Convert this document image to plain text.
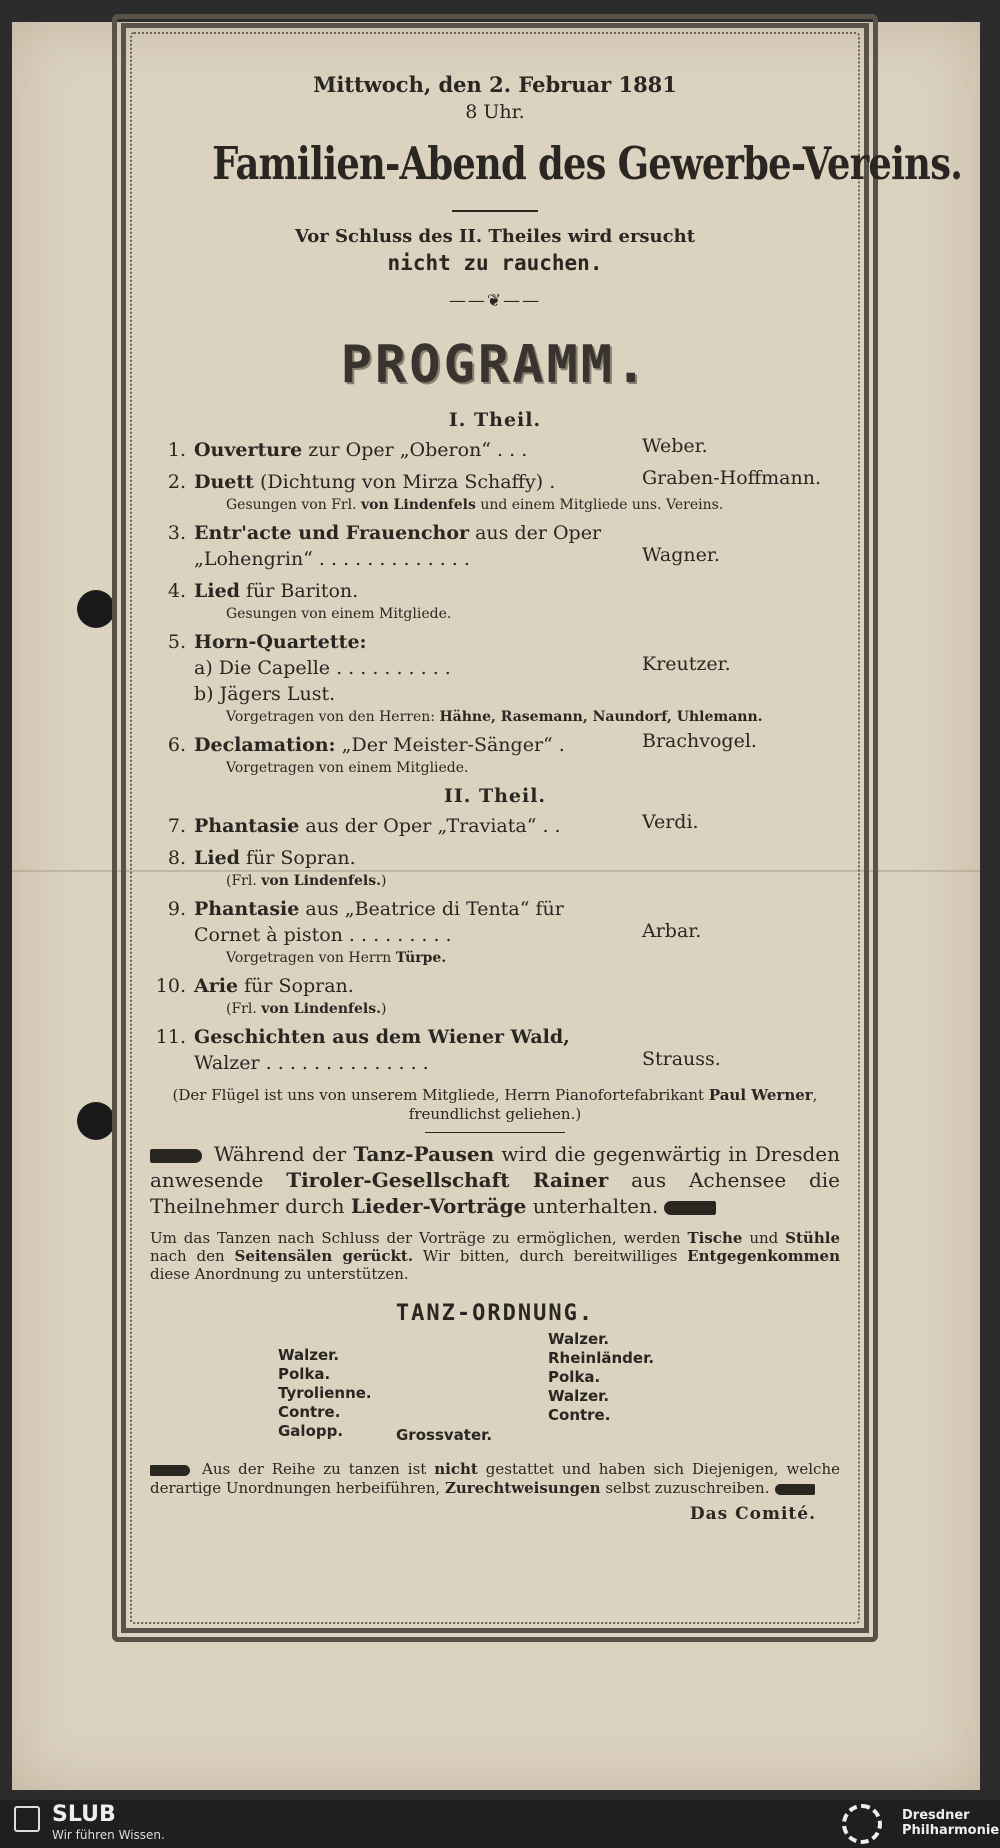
Mittwoch, den 2. Februar 1881
8 Uhr.
Familien-Abend des Gewerbe-Vereins.
Vor Schluss des II. Theiles wird ersucht
nicht zu rauchen.
——❦——
PROGRAMM.
I. Theil.
1. Ouverture zur Oper „Oberon“ . . .	Weber.
2. Duett (Dichtung von Mirza Schaffy) .	Graben-Hoffmann.
Gesungen von Frl. von Lindenfels und einem Mitgliede uns. Vereins.
3. Entr'acte und Frauenchor aus der Oper
„Lohengrin“ . . . . . . . . . . . . .	Wagner.
4. Lied für Bariton.
Gesungen von einem Mitgliede.
5. Horn-Quartette:
a) Die Capelle . . . . . . . . . .	Kreutzer.
b) Jägers Lust.
Vorgetragen von den Herren: Hähne, Rasemann, Naundorf, Uhlemann.
6. Declamation: „Der Meister-Sänger“ .	Brachvogel.
Vorgetragen von einem Mitgliede.
II. Theil.
7. Phantasie aus der Oper „Traviata“ . .	Verdi.
8. Lied für Sopran.
(Frl. von Lindenfels.)
9. Phantasie aus „Beatrice di Tenta“ für
Cornet à piston . . . . . . . . .	Arbar.
Vorgetragen von Herrn Türpe.
10. Arie für Sopran.
(Frl. von Lindenfels.)
11. Geschichten aus dem Wiener Wald,
Walzer . . . . . . . . . . . . . .	Strauss.
(Der Flügel ist uns von unserem Mitgliede, Herrn Pianofortefabrikant Paul Werner, freundlichst geliehen.)
Während der Tanz-Pausen wird die gegenwärtig in Dresden anwesende Tiroler-Gesellschaft Rainer aus Achensee die Theilnehmer durch Lieder-Vorträge unterhalten.
Um das Tanzen nach Schluss der Vorträge zu ermöglichen, werden Tische und Stühle nach den Seitensälen gerückt. Wir bitten, durch bereitwilliges Entgegenkommen diese Anordnung zu unterstützen.
TANZ-ORDNUNG.
Walzer.
Polka.
Tyrolienne.
Contre.
Galopp.
Walzer.
Rheinländer.
Polka.
Walzer.
Contre.
Grossvater.
Aus der Reihe zu tanzen ist nicht gestattet und haben sich Diejenigen, welche derartige Unordnungen herbeiführen, Zurechtweisungen selbst zuzuschreiben.
Das Comité.
SLUB
Wir führen Wissen.
Dresdner
Philharmonie
